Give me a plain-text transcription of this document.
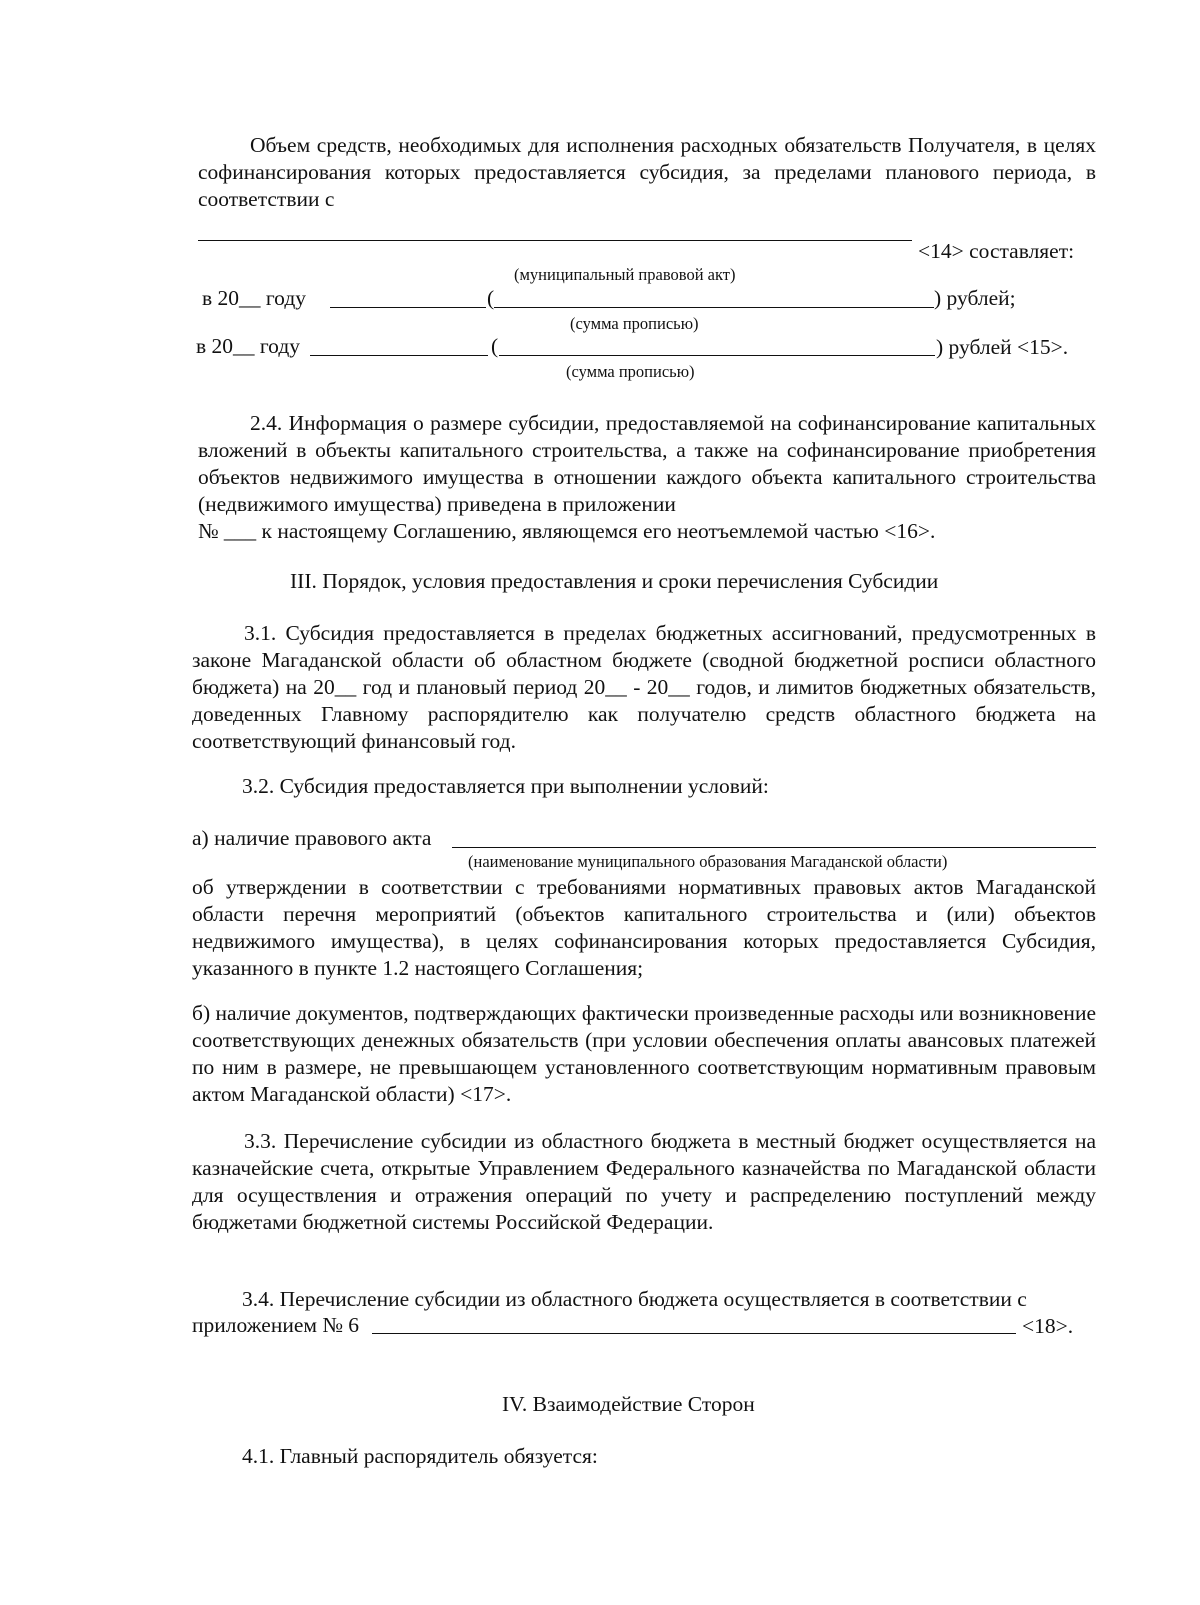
Объем средств, необходимых для исполнения расходных обязательств Получателя, в целях софинансирования которых предоставляется субсидия, за пределами планового периода, в соответствии с

<14> составляет:
(муниципальный правовой акт)
в 20__ году	(	) рублей;
(сумма прописью)
в 20__ году	(	) рублей <15>.
(сумма прописью)

2.4. Информация о размере субсидии, предоставляемой на софинансирование капитальных вложений в объекты капитального строительства, а также на софинансирование приобретения объектов недвижимого имущества в отношении каждого объекта капитального строительства (недвижимого имущества) приведена в приложении

№ ___ к настоящему Соглашению, являющемся его неотъемлемой частью <16>.

III. Порядок, условия предоставления и сроки перечисления Субсидии

3.1. Субсидия предоставляется в пределах бюджетных ассигнований, предусмотренных в законе Магаданской области об областном бюджете (сводной бюджетной росписи областного бюджета) на 20__ год и плановый период 20__ - 20__ годов, и лимитов бюджетных обязательств, доведенных Главному распорядителю как получателю средств областного бюджета на соответствующий финансовый год.

3.2. Субсидия предоставляется при выполнении условий:
а) наличие правового акта
(наименование муниципального образования Магаданской области)

об утверждении в соответствии с требованиями нормативных правовых актов Магаданской области перечня мероприятий (объектов капитального строительства и (или) объектов недвижимого имущества), в целях софинансирования которых предоставляется Субсидия, указанного в пункте 1.2 настоящего Соглашения;

б) наличие документов, подтверждающих фактически произведенные расходы или возникновение соответствующих денежных обязательств (при условии обеспечения оплаты авансовых платежей по ним в размере, не превышающем установленного соответствующим нормативным правовым актом Магаданской области) <17>.

3.3. Перечисление субсидии из областного бюджета в местный бюджет осуществляется на казначейские счета, открытые Управлением Федерального казначейства по Магаданской области для осуществления и отражения операций по учету и распределению поступлений между бюджетами бюджетной системы Российской Федерации.

3.4. Перечисление субсидии из областного бюджета осуществляется в соответствии с
приложением № 6	<18>.
IV. Взаимодействие Сторон
4.1. Главный распорядитель обязуется:
